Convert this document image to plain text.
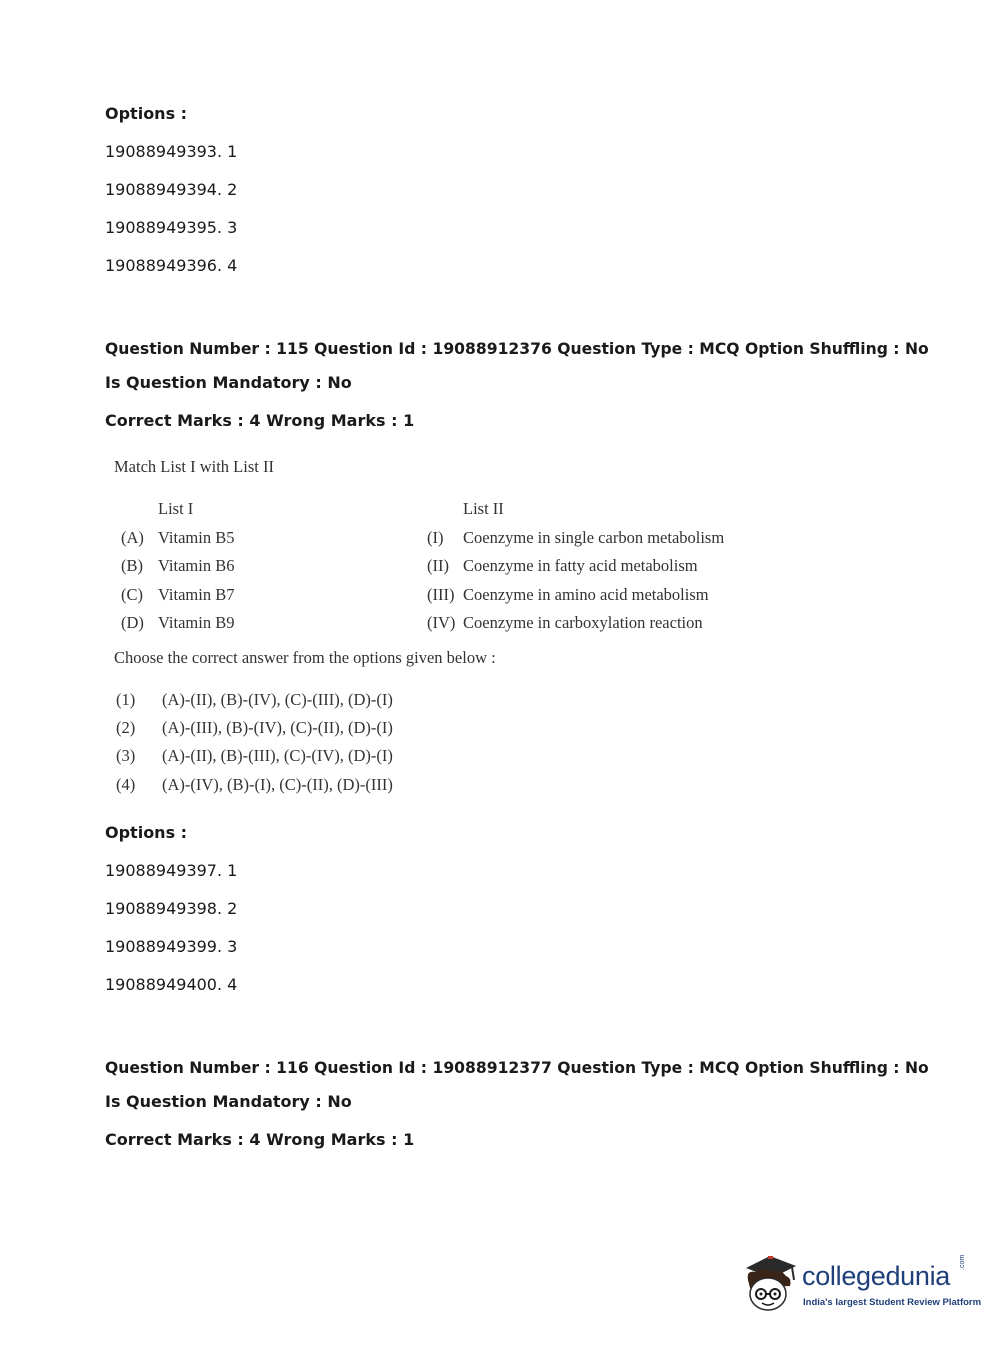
Options :
19088949393. 1
19088949394. 2
19088949395. 3
19088949396. 4
Question Number : 115 Question Id : 19088912376 Question Type : MCQ Option Shuffling : No
Is Question Mandatory : No
Correct Marks : 4 Wrong Marks : 1
Match List I with List II
List I	List II
(A) Vitamin B5	(I) Coenzyme in single carbon metabolism
(B) Vitamin B6	(II) Coenzyme in fatty acid metabolism
(C) Vitamin B7	(III) Coenzyme in amino acid metabolism
(D) Vitamin B9	(IV) Coenzyme in carboxylation reaction
Choose the correct answer from the options given below :
(1) (A)-(II), (B)-(IV), (C)-(III), (D)-(I)
(2) (A)-(III), (B)-(IV), (C)-(II), (D)-(I)
(3) (A)-(II), (B)-(III), (C)-(IV), (D)-(I)
(4) (A)-(IV), (B)-(I), (C)-(II), (D)-(III)
Options :
19088949397. 1
19088949398. 2
19088949399. 3
19088949400. 4
Question Number : 116 Question Id : 19088912377 Question Type : MCQ Option Shuffling : No
Is Question Mandatory : No
Correct Marks : 4 Wrong Marks : 1
collegedunia .com
India's largest Student Review Platform
